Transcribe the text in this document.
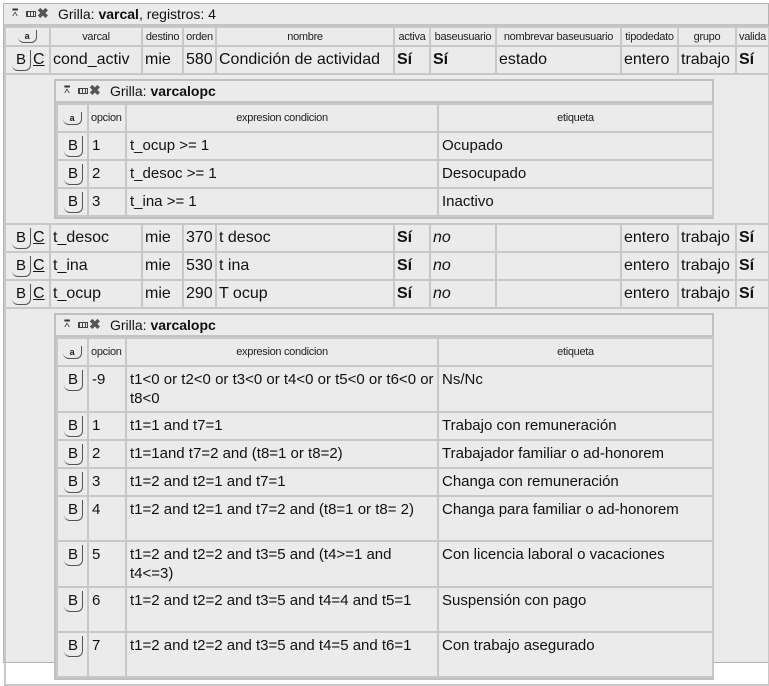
⩞ ✖ Grilla: varcal, registros: 4
a	varcal	destino	orden	nombre	activa	baseusuario	nombrevar baseusuario	tipodedato	grupo	valida
B C	cond_activ	mie	580	Condición de actividad	Sí	Sí	estado	entero	trabajo	Sí

⩞ ✖ Grilla: varcalopc
a	opcion	expresion condicion	etiqueta
B	1	t_ocup >= 1	Ocupado
B	2	t_desoc >= 1	Desocupado
B	3	t_ina >= 1	Inactivo

B C	t_desoc	mie	370	t desoc	Sí	no		entero	trabajo	Sí
B C	t_ina	mie	530	t ina	Sí	no		entero	trabajo	Sí
B C	t_ocup	mie	290	T ocup	Sí	no		entero	trabajo	Sí

⩞ ✖ Grilla: varcalopc
a	opcion	expresion condicion	etiqueta
B	-9	t1<0 or t2<0 or t3<0 or t4<0 or t5<0 or t6<0 or t8<0	Ns/Nc
B	1	t1=1 and t7=1	Trabajo con remuneración
B	2	t1=1and t7=2 and (t8=1 or t8=2)	Trabajador familiar o ad-honorem
B	3	t1=2 and t2=1 and t7=1	Changa con remuneración
B	4	t1=2 and t2=1 and t7=2 and (t8=1 or t8= 2)	Changa para familiar o ad-honorem
B	5	t1=2 and t2=2 and t3=5 and (t4>=1 and t4<=3)	Con licencia laboral o vacaciones
B	6	t1=2 and t2=2 and t3=5 and t4=4 and t5=1	Suspensión con pago
B	7	t1=2 and t2=2 and t3=5 and t4=5 and t6=1	Con trabajo asegurado
